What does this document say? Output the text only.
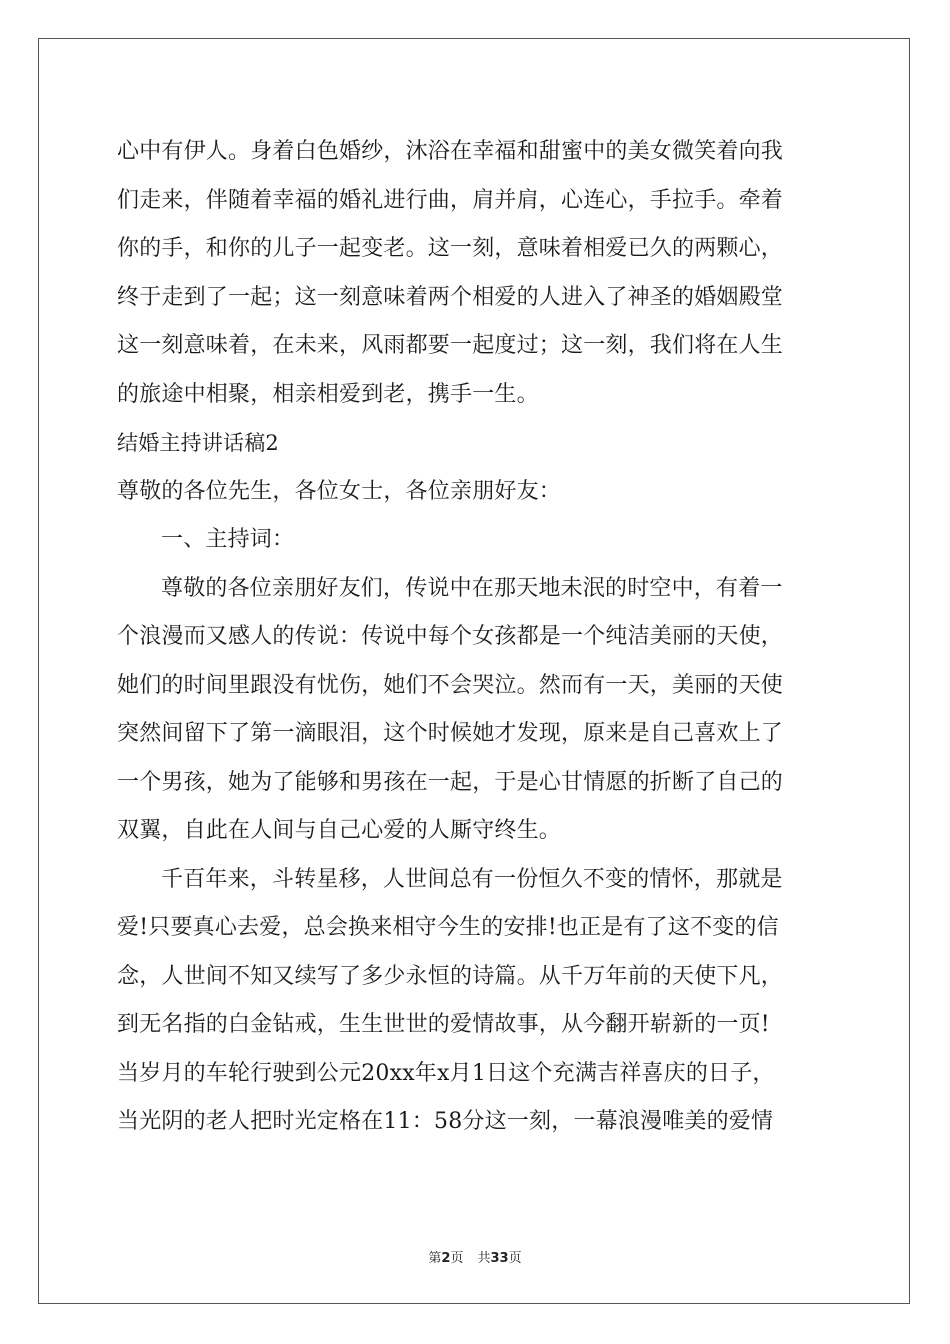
心中有伊人。身着白色婚纱，沐浴在幸福和甜蜜中的美女微笑着向我
们走来，伴随着幸福的婚礼进行曲，肩并肩，心连心，手拉手。牵着
你的手，和你的儿子一起变老。这一刻，意味着相爱已久的两颗心，
终于走到了一起；这一刻意味着两个相爱的人进入了神圣的婚姻殿堂
这一刻意味着，在未来，风雨都要一起度过；这一刻，我们将在人生
的旅途中相聚，相亲相爱到老，携手一生。
结婚主持讲话稿2
尊敬的各位先生，各位女士，各位亲朋好友：
一、主持词：
尊敬的各位亲朋好友们，传说中在那天地未泯的时空中，有着一
个浪漫而又感人的传说：传说中每个女孩都是一个纯洁美丽的天使，
她们的时间里跟没有忧伤，她们不会哭泣。然而有一天，美丽的天使
突然间留下了第一滴眼泪，这个时候她才发现，原来是自己喜欢上了
一个男孩，她为了能够和男孩在一起，于是心甘情愿的折断了自己的
双翼，自此在人间与自己心爱的人厮守终生。
千百年来，斗转星移，人世间总有一份恒久不变的情怀，那就是
爱!只要真心去爱，总会换来相守今生的安排!也正是有了这不变的信
念，人世间不知又续写了多少永恒的诗篇。从千万年前的天使下凡，
到无名指的白金钻戒，生生世世的爱情故事，从今翻开崭新的一页!
当岁月的车轮行驶到公元20xx年x月1日这个充满吉祥喜庆的日子，
当光阴的老人把时光定格在11：58分这一刻，一幕浪漫唯美的爱情
第2页 共33页
